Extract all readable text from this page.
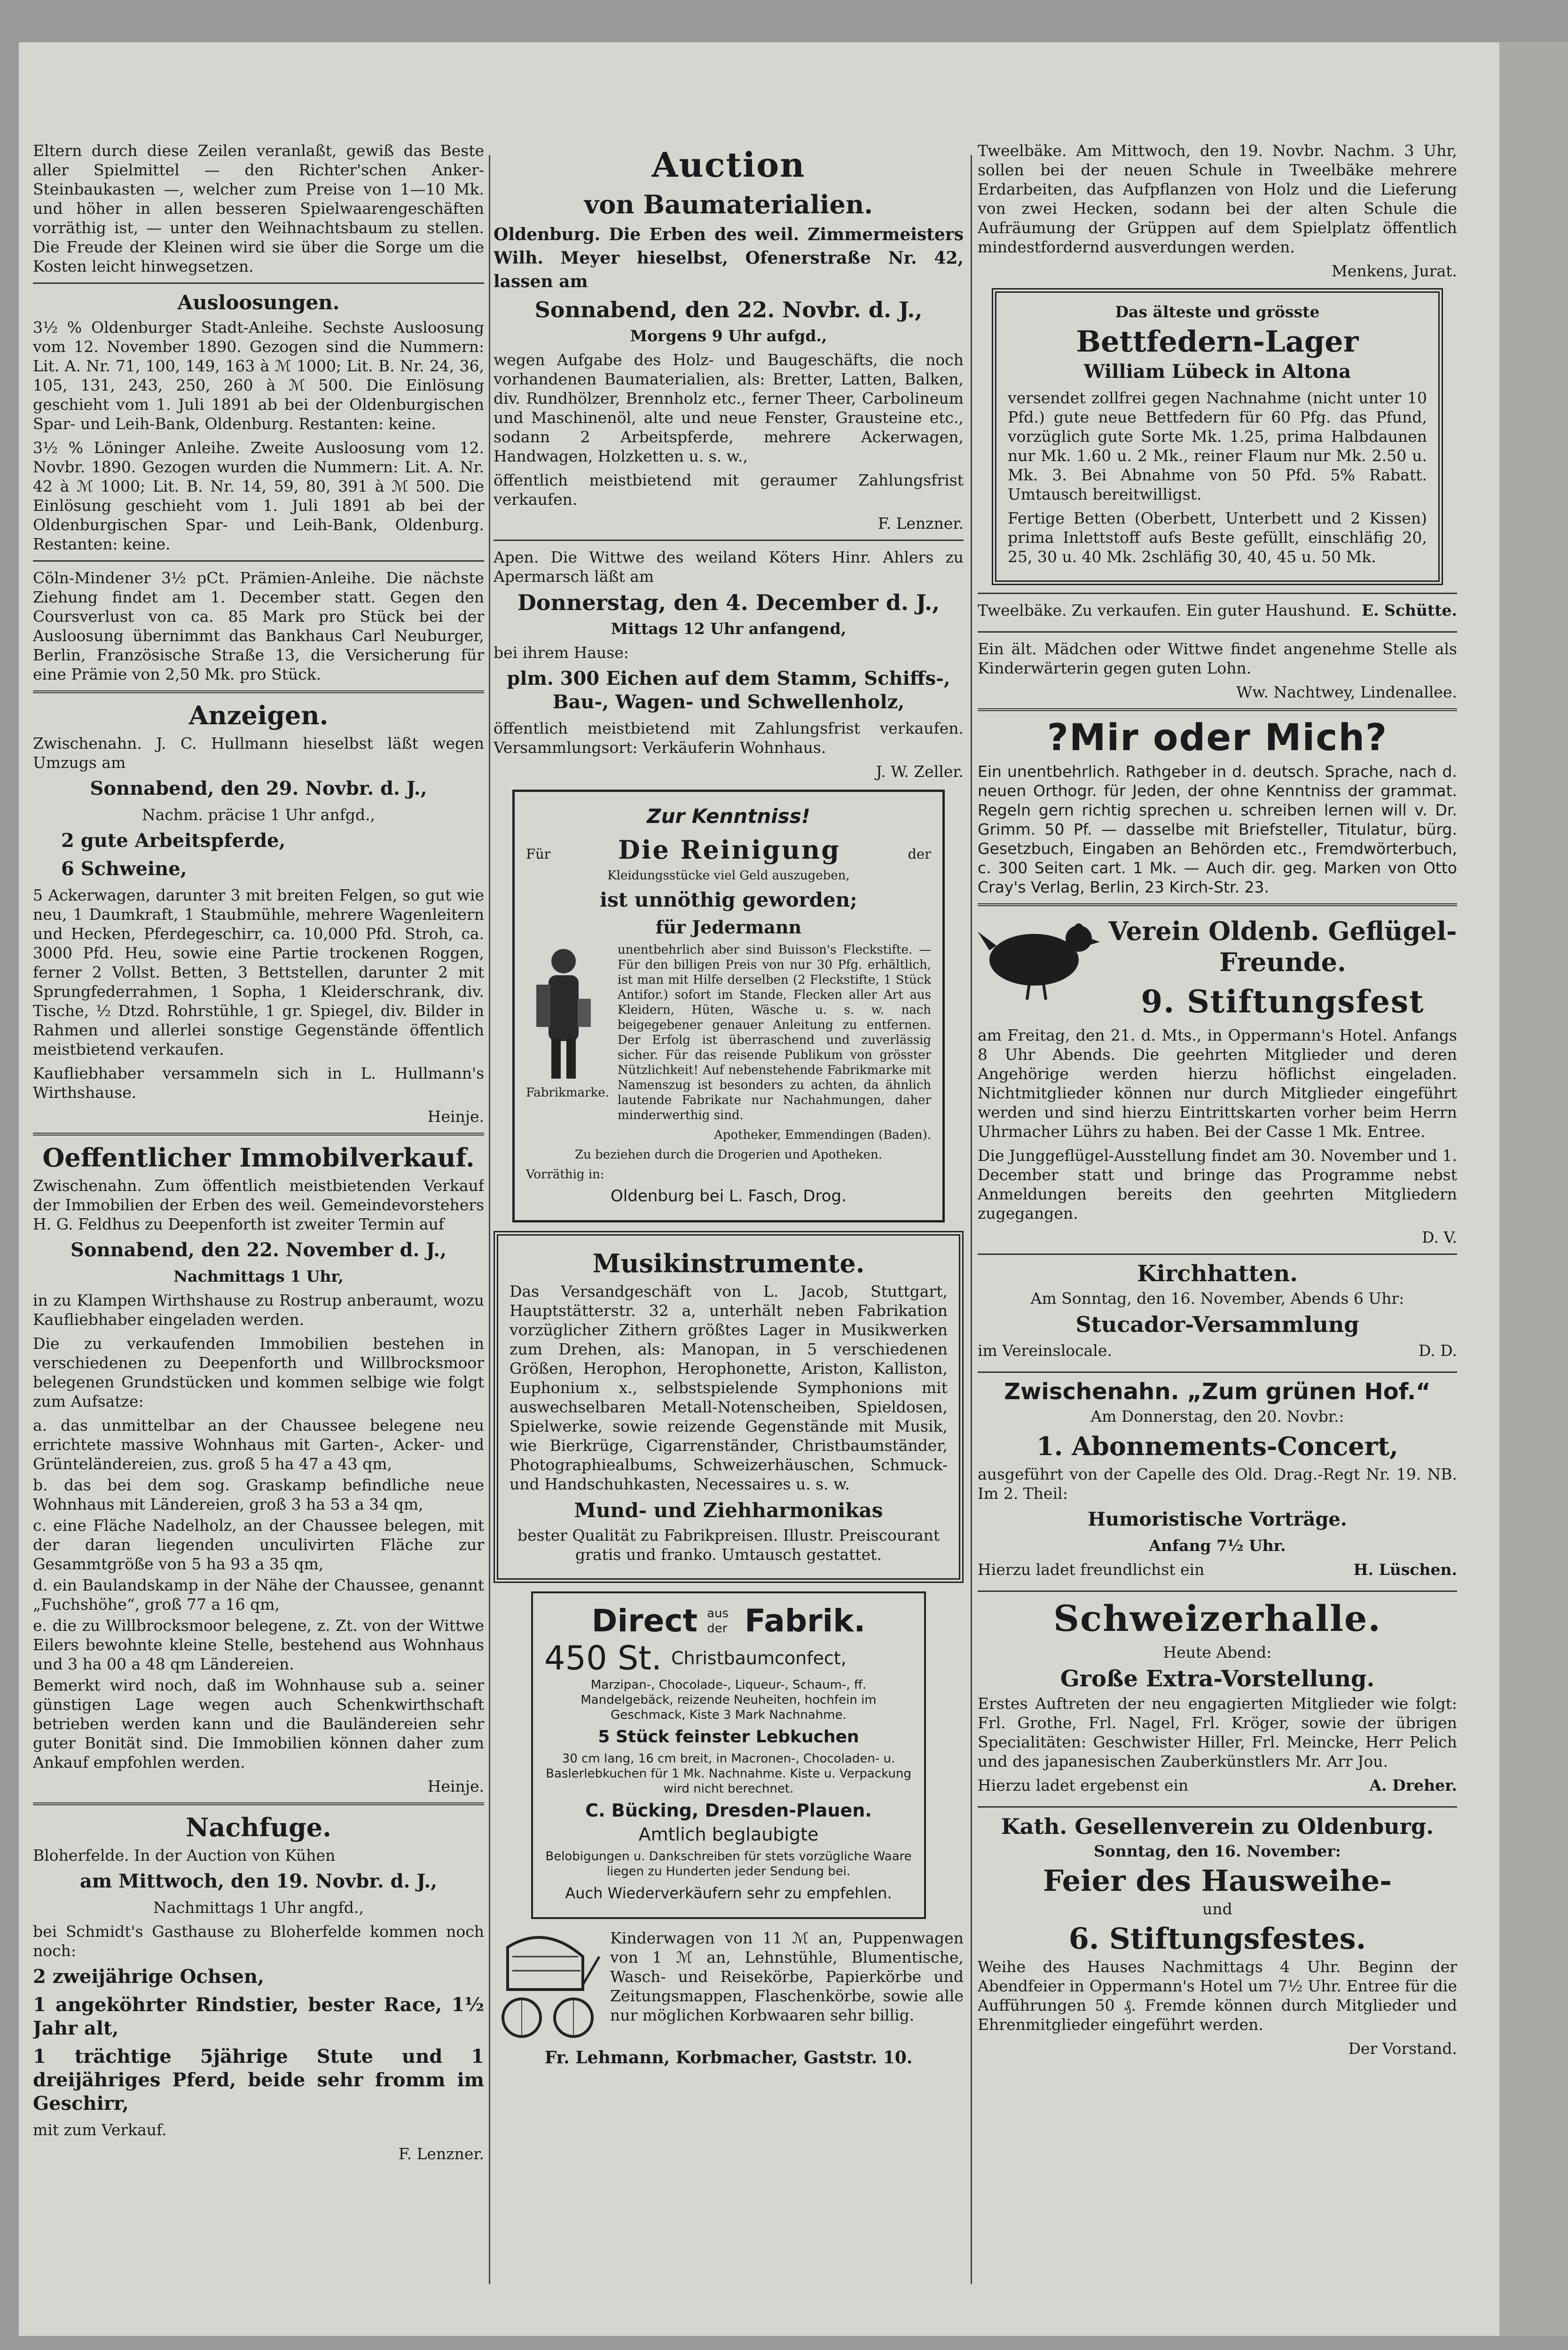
Eltern durch diese Zeilen veranlaßt, gewiß das Beste aller Spielmittel — den Richter'schen Anker-Steinbaukasten —, welcher zum Preise von 1—10 Mk. und höher in allen besseren Spielwaarengeschäften vorräthig ist, — unter den Weihnachtsbaum zu stellen. Die Freude der Kleinen wird sie über die Sorge um die Kosten leicht hinwegsetzen.

Ausloosungen.

3½ % Oldenburger Stadt-Anleihe. Sechste Ausloosung vom 12. November 1890. Gezogen sind die Nummern: Lit. A. Nr. 71, 100, 149, 163 à ℳ 1000; Lit. B. Nr. 24, 36, 105, 131, 243, 250, 260 à ℳ 500. Die Einlösung geschieht vom 1. Juli 1891 ab bei der Oldenburgischen Spar- und Leih-Bank, Oldenburg. Restanten: keine.

3½ % Löninger Anleihe. Zweite Ausloosung vom 12. Novbr. 1890. Gezogen wurden die Nummern: Lit. A. Nr. 42 à ℳ 1000; Lit. B. Nr. 14, 59, 80, 391 à ℳ 500. Die Einlösung geschieht vom 1. Juli 1891 ab bei der Oldenburgischen Spar- und Leih-Bank, Oldenburg. Restanten: keine.

Cöln-Mindener 3½ pCt. Prämien-Anleihe. Die nächste Ziehung findet am 1. December statt. Gegen den Coursverlust von ca. 85 Mark pro Stück bei der Ausloosung übernimmt das Bankhaus Carl Neuburger, Berlin, Französische Straße 13, die Versicherung für eine Prämie von 2,50 Mk. pro Stück.

Anzeigen.

Zwischenahn. J. C. Hullmann hieselbst läßt wegen Umzugs am

Sonnabend, den 29. Novbr. d. J.,

Nachm. präcise 1 Uhr anfgd.,

2 gute Arbeitspferde,

6 Schweine,

5 Ackerwagen, darunter 3 mit breiten Felgen, so gut wie neu, 1 Daumkraft, 1 Staubmühle, mehrere Wagenleitern und Hecken, Pferdegeschirr, ca. 10,000 Pfd. Stroh, ca. 3000 Pfd. Heu, sowie eine Partie trockenen Roggen, ferner 2 Vollst. Betten, 3 Bettstellen, darunter 2 mit Sprungfederrahmen, 1 Sopha, 1 Kleiderschrank, div. Tische, ½ Dtzd. Rohrstühle, 1 gr. Spiegel, div. Bilder in Rahmen und allerlei sonstige Gegenstände öffentlich meistbietend verkaufen.

Kaufliebhaber versammeln sich in L. Hullmann's Wirthshause.

Heinje.

Oeffentlicher Immobilverkauf.

Zwischenahn. Zum öffentlich meistbietenden Verkauf der Immobilien der Erben des weil. Gemeindevorstehers H. G. Feldhus zu Deepenforth ist zweiter Termin auf

Sonnabend, den 22. November d. J.,

Nachmittags 1 Uhr,

in zu Klampen Wirthshause zu Rostrup anberaumt, wozu Kaufliebhaber eingeladen werden.

Die zu verkaufenden Immobilien bestehen in verschiedenen zu Deepenforth und Willbrocksmoor belegenen Grundstücken und kommen selbige wie folgt zum Aufsatze:

a. das unmittelbar an der Chaussee belegene neu errichtete massive Wohnhaus mit Garten-, Acker- und Grünteländereien, zus. groß 5 ha 47 a 43 qm,

b. das bei dem sog. Graskamp befindliche neue Wohnhaus mit Ländereien, groß 3 ha 53 a 34 qm,

c. eine Fläche Nadelholz, an der Chaussee belegen, mit der daran liegenden unculivirten Fläche zur Gesammtgröße von 5 ha 93 a 35 qm,

d. ein Baulandskamp in der Nähe der Chaussee, genannt „Fuchshöhe“, groß 77 a 16 qm,

e. die zu Willbrocksmoor belegene, z. Zt. von der Wittwe Eilers bewohnte kleine Stelle, bestehend aus Wohnhaus und 3 ha 00 a 48 qm Ländereien.

Bemerkt wird noch, daß im Wohnhause sub a. seiner günstigen Lage wegen auch Schenkwirthschaft betrieben werden kann und die Bauländereien sehr guter Bonität sind. Die Immobilien können daher zum Ankauf empfohlen werden.

Heinje.

Nachfuge.

Bloherfelde. In der Auction von Kühen

am Mittwoch, den 19. Novbr. d. J.,

Nachmittags 1 Uhr angfd.,

bei Schmidt's Gasthause zu Bloherfelde kommen noch noch:

2 zweijährige Ochsen,

1 angeköhrter Rindstier, bester Race, 1½ Jahr alt,

1 trächtige 5jährige Stute und 1 dreijähriges Pferd, beide sehr fromm im Geschirr,

mit zum Verkauf.

F. Lenzner.

Auction
von Baumaterialien.

Oldenburg. Die Erben des weil. Zimmermeisters Wilh. Meyer hieselbst, Ofenerstraße Nr. 42, lassen am

Sonnabend, den 22. Novbr. d. J.,

Morgens 9 Uhr aufgd.,

wegen Aufgabe des Holz- und Baugeschäfts, die noch vorhandenen Baumaterialien, als: Bretter, Latten, Balken, div. Rundhölzer, Brennholz etc., ferner Theer, Carbolineum und Maschinenöl, alte und neue Fenster, Grausteine etc., sodann 2 Arbeitspferde, mehrere Ackerwagen, Handwagen, Holzketten u. s. w.,

öffentlich meistbietend mit geraumer Zahlungsfrist verkaufen.

F. Lenzner.

Apen. Die Wittwe des weiland Köters Hinr. Ahlers zu Apermarsch läßt am

Donnerstag, den 4. December d. J.,

Mittags 12 Uhr anfangend,

bei ihrem Hause:

plm. 300 Eichen auf dem Stamm, Schiffs-, Bau-, Wagen- und Schwellenholz,

öffentlich meistbietend mit Zahlungsfrist verkaufen. Versammlungsort: Verkäuferin Wohnhaus.

J. W. Zeller.

Zur Kenntniss!
Für	Die Reinigung	der

Kleidungsstücke viel Geld auszugeben,

ist unnöthig geworden;

für Jedermann

Fabrikmarke.

unentbehrlich aber sind Buisson's Fleckstifte. — Für den billigen Preis von nur 30 Pfg. erhältlich, ist man mit Hilfe derselben (2 Fleckstifte, 1 Stück Antifor.) sofort im Stande, Flecken aller Art aus Kleidern, Hüten, Wäsche u. s. w. nach beigegebener genauer Anleitung zu entfernen. Der Erfolg ist überraschend und zuverlässig sicher. Für das reisende Publikum von grösster Nützlichkeit! Auf nebenstehende Fabrikmarke mit Namenszug ist besonders zu achten, da ähnlich lautende Fabrikate nur Nachahmungen, daher minderwerthig sind.

Apotheker, Emmendingen (Baden).

Zu beziehen durch die Drogerien und Apotheken.

Vorräthig in:

Oldenburg bei L. Fasch, Drog.

Musikinstrumente.

Das Versandgeschäft von L. Jacob, Stuttgart, Hauptstätterstr. 32 a, unterhält neben Fabrikation vorzüglicher Zithern größtes Lager in Musikwerken zum Drehen, als: Manopan, in 5 verschiedenen Größen, Herophon, Herophonette, Ariston, Kalliston, Euphonium x., selbstspielende Symphonions mit auswechselbaren Metall-Notenscheiben, Spieldosen, Spielwerke, sowie reizende Gegenstände mit Musik, wie Bierkrüge, Cigarrenständer, Christbaumständer, Photographiealbums, Schweizerhäuschen, Schmuck- und Handschuhkasten, Necessaires u. s. w.

Mund- und Ziehharmonikas

bester Qualität zu Fabrikpreisen. Illustr. Preiscourant gratis und franko. Umtausch gestattet.

Direct aus der Fabrik.
450 St. Christbaumconfect,

Marzipan-, Chocolade-, Liqueur-, Schaum-, ff. Mandelgebäck, reizende Neuheiten, hochfein im Geschmack, Kiste 3 Mark Nachnahme.

5 Stück feinster Lebkuchen

30 cm lang, 16 cm breit, in Macronen-, Chocoladen- u. Baslerlebkuchen für 1 Mk. Nachnahme. Kiste u. Verpackung wird nicht berechnet.

C. Bücking, Dresden-Plauen.

Amtlich beglaubigte

Belobigungen u. Dankschreiben für stets vorzügliche Waare liegen zu Hunderten jeder Sendung bei.

Auch Wiederverkäufern sehr zu empfehlen.

Kinderwagen von 11 ℳ an, Puppenwagen von 1 ℳ an, Lehnstühle, Blumentische, Wasch- und Reisekörbe, Papierkörbe und Zeitungsmappen, Flaschenkörbe, sowie alle nur möglichen Korbwaaren sehr billig.

Fr. Lehmann, Korbmacher, Gaststr. 10.

Tweelbäke. Am Mittwoch, den 19. Novbr. Nachm. 3 Uhr, sollen bei der neuen Schule in Tweelbäke mehrere Erdarbeiten, das Aufpflanzen von Holz und die Lieferung von zwei Hecken, sodann bei der alten Schule die Aufräumung der Grüppen auf dem Spielplatz öffentlich mindestfordernd ausverdungen werden.

Menkens, Jurat.

Das älteste und grösste

Bettfedern-Lager

William Lübeck in Altona

versendet zollfrei gegen Nachnahme (nicht unter 10 Pfd.) gute neue Bettfedern für 60 Pfg. das Pfund, vorzüglich gute Sorte Mk. 1.25, prima Halbdaunen nur Mk. 1.60 u. 2 Mk., reiner Flaum nur Mk. 2.50 u. Mk. 3. Bei Abnahme von 50 Pfd. 5% Rabatt. Umtausch bereitwilligst.

Fertige Betten (Oberbett, Unterbett und 2 Kissen) prima Inlettstoff aufs Beste gefüllt, einschläfig 20, 25, 30 u. 40 Mk. 2schläfig 30, 40, 45 u. 50 Mk.

Tweelbäke. Zu verkaufen. Ein guter Haushund. E. Schütte.

Ein ält. Mädchen oder Wittwe findet angenehme Stelle als Kinderwärterin gegen guten Lohn.

Ww. Nachtwey, Lindenallee.

?Mir oder Mich?

Ein unentbehrlich. Rathgeber in d. deutsch. Sprache, nach d. neuen Orthogr. für Jeden, der ohne Kenntniss der grammat. Regeln gern richtig sprechen u. schreiben lernen will v. Dr. Grimm. 50 Pf. — dasselbe mit Briefsteller, Titulatur, bürg. Gesetzbuch, Eingaben an Behörden etc., Fremdwörterbuch, c. 300 Seiten cart. 1 Mk. — Auch dir. geg. Marken von Otto Cray's Verlag, Berlin, 23 Kirch-Str. 23.

Verein Oldenb. Geflügel-Freunde.
9. Stiftungsfest

am Freitag, den 21. d. Mts., in Oppermann's Hotel. Anfangs 8 Uhr Abends. Die geehrten Mitglieder und deren Angehörige werden hierzu höflichst eingeladen. Nichtmitglieder können nur durch Mitglieder eingeführt werden und sind hierzu Eintrittskarten vorher beim Herrn Uhrmacher Lührs zu haben. Bei der Casse 1 Mk. Entree.

Die Junggeflügel-Ausstellung findet am 30. November und 1. December statt und bringe das Programme nebst Anmeldungen bereits den geehrten Mitgliedern zugegangen.

D. V.

Kirchhatten.

Am Sonntag, den 16. November, Abends 6 Uhr:

Stucador-Versammlung

im Vereinslocale.	D. D.

Zwischenahn. „Zum grünen Hof.“

Am Donnerstag, den 20. Novbr.:

1. Abonnements-Concert,

ausgeführt von der Capelle des Old. Drag.-Regt Nr. 19. NB. Im 2. Theil:

Humoristische Vorträge.

Anfang 7½ Uhr.

Hierzu ladet freundlichst ein	H. Lüschen.

Schweizerhalle.

Heute Abend:

Große Extra-Vorstellung.

Erstes Auftreten der neu engagierten Mitglieder wie folgt: Frl. Grothe, Frl. Nagel, Frl. Kröger, sowie der übrigen Specialitäten: Geschwister Hiller, Frl. Meincke, Herr Pelich und des japanesischen Zauberkünstlers Mr. Arr Jou.

Hierzu ladet ergebenst ein	A. Dreher.

Kath. Gesellenverein zu Oldenburg.

Sonntag, den 16. November:

Feier des Hausweihe-

und

6. Stiftungsfestes.

Weihe des Hauses Nachmittags 4 Uhr. Beginn der Abendfeier in Oppermann's Hotel um 7½ Uhr. Entree für die Aufführungen 50 ₰. Fremde können durch Mitglieder und Ehrenmitglieder eingeführt werden.

Der Vorstand.
